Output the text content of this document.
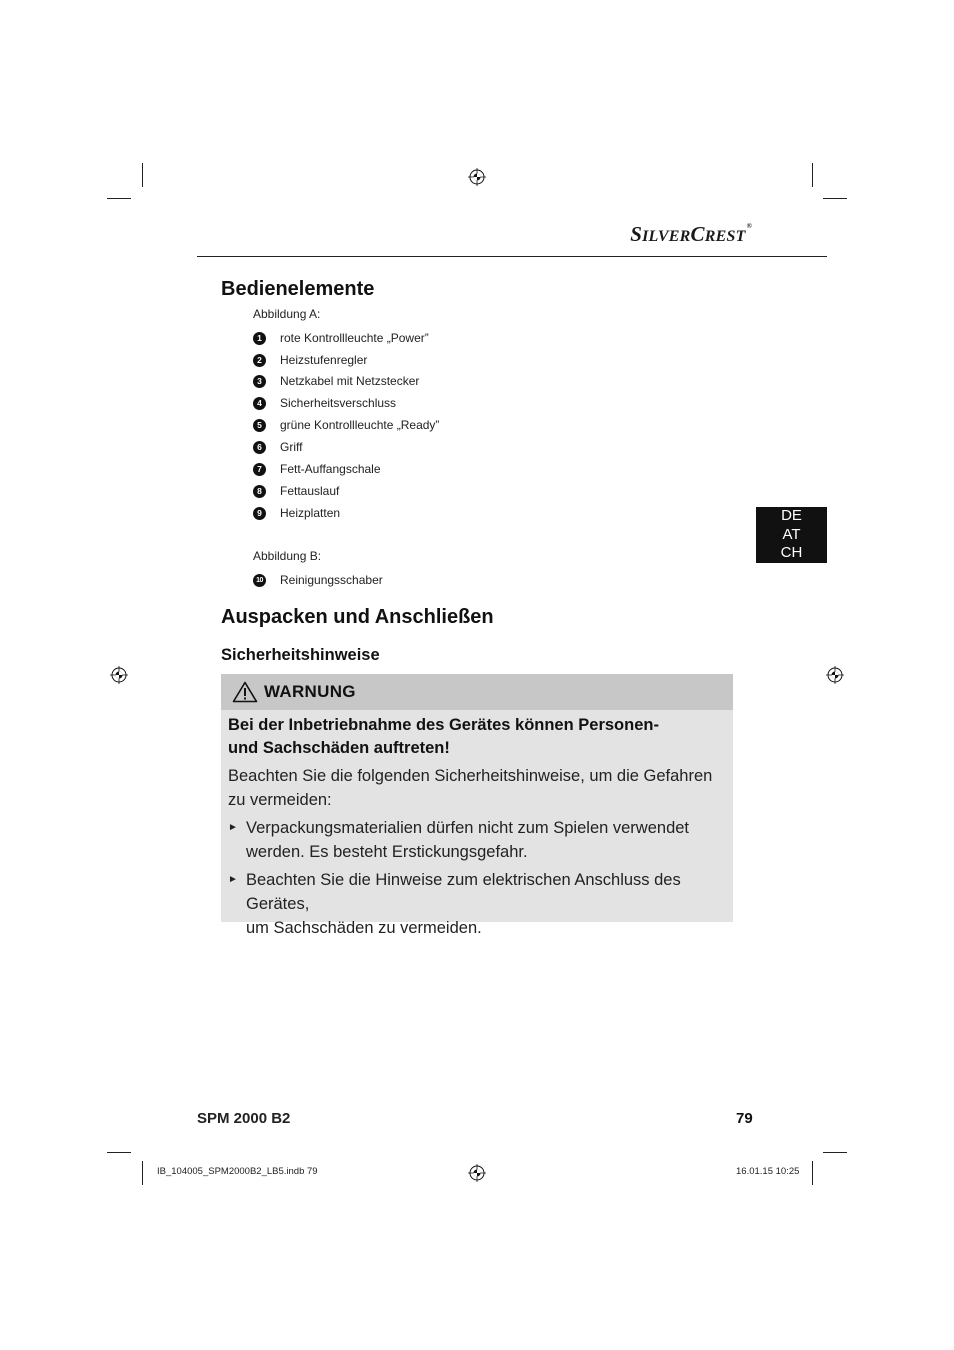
SILVERCREST®
Bedienelemente
Abbildung A:
1	rote Kontrollleuchte „Power”
2	Heizstufenregler
3	Netzkabel mit Netzstecker
4	Sicherheitsverschluss
5	grüne Kontrollleuchte „Ready”
6	Griff
7	Fett-Auffangschale
8	Fettauslauf
9	Heizplatten
Abbildung B:
10 Reinigungsschaber
DE
AT
CH
Auspacken und Anschließen
Sicherheitshinweise
WARNUNG
Bei der Inbetriebnahme des Gerätes können Personen-
und Sachschäden auftreten!
Beachten Sie die folgenden Sicherheitshinweise, um die Gefahren
zu vermeiden:
► Verpackungsmaterialien dürfen nicht zum Spielen verwendet
werden. Es besteht Erstickungsgefahr.
► Beachten Sie die Hinweise zum elektrischen Anschluss des Gerätes,
um Sachschäden zu vermeiden.
SPM 2000 B2	79
IB_104005_SPM2000B2_LB5.indb 79	16.01.15 10:25
